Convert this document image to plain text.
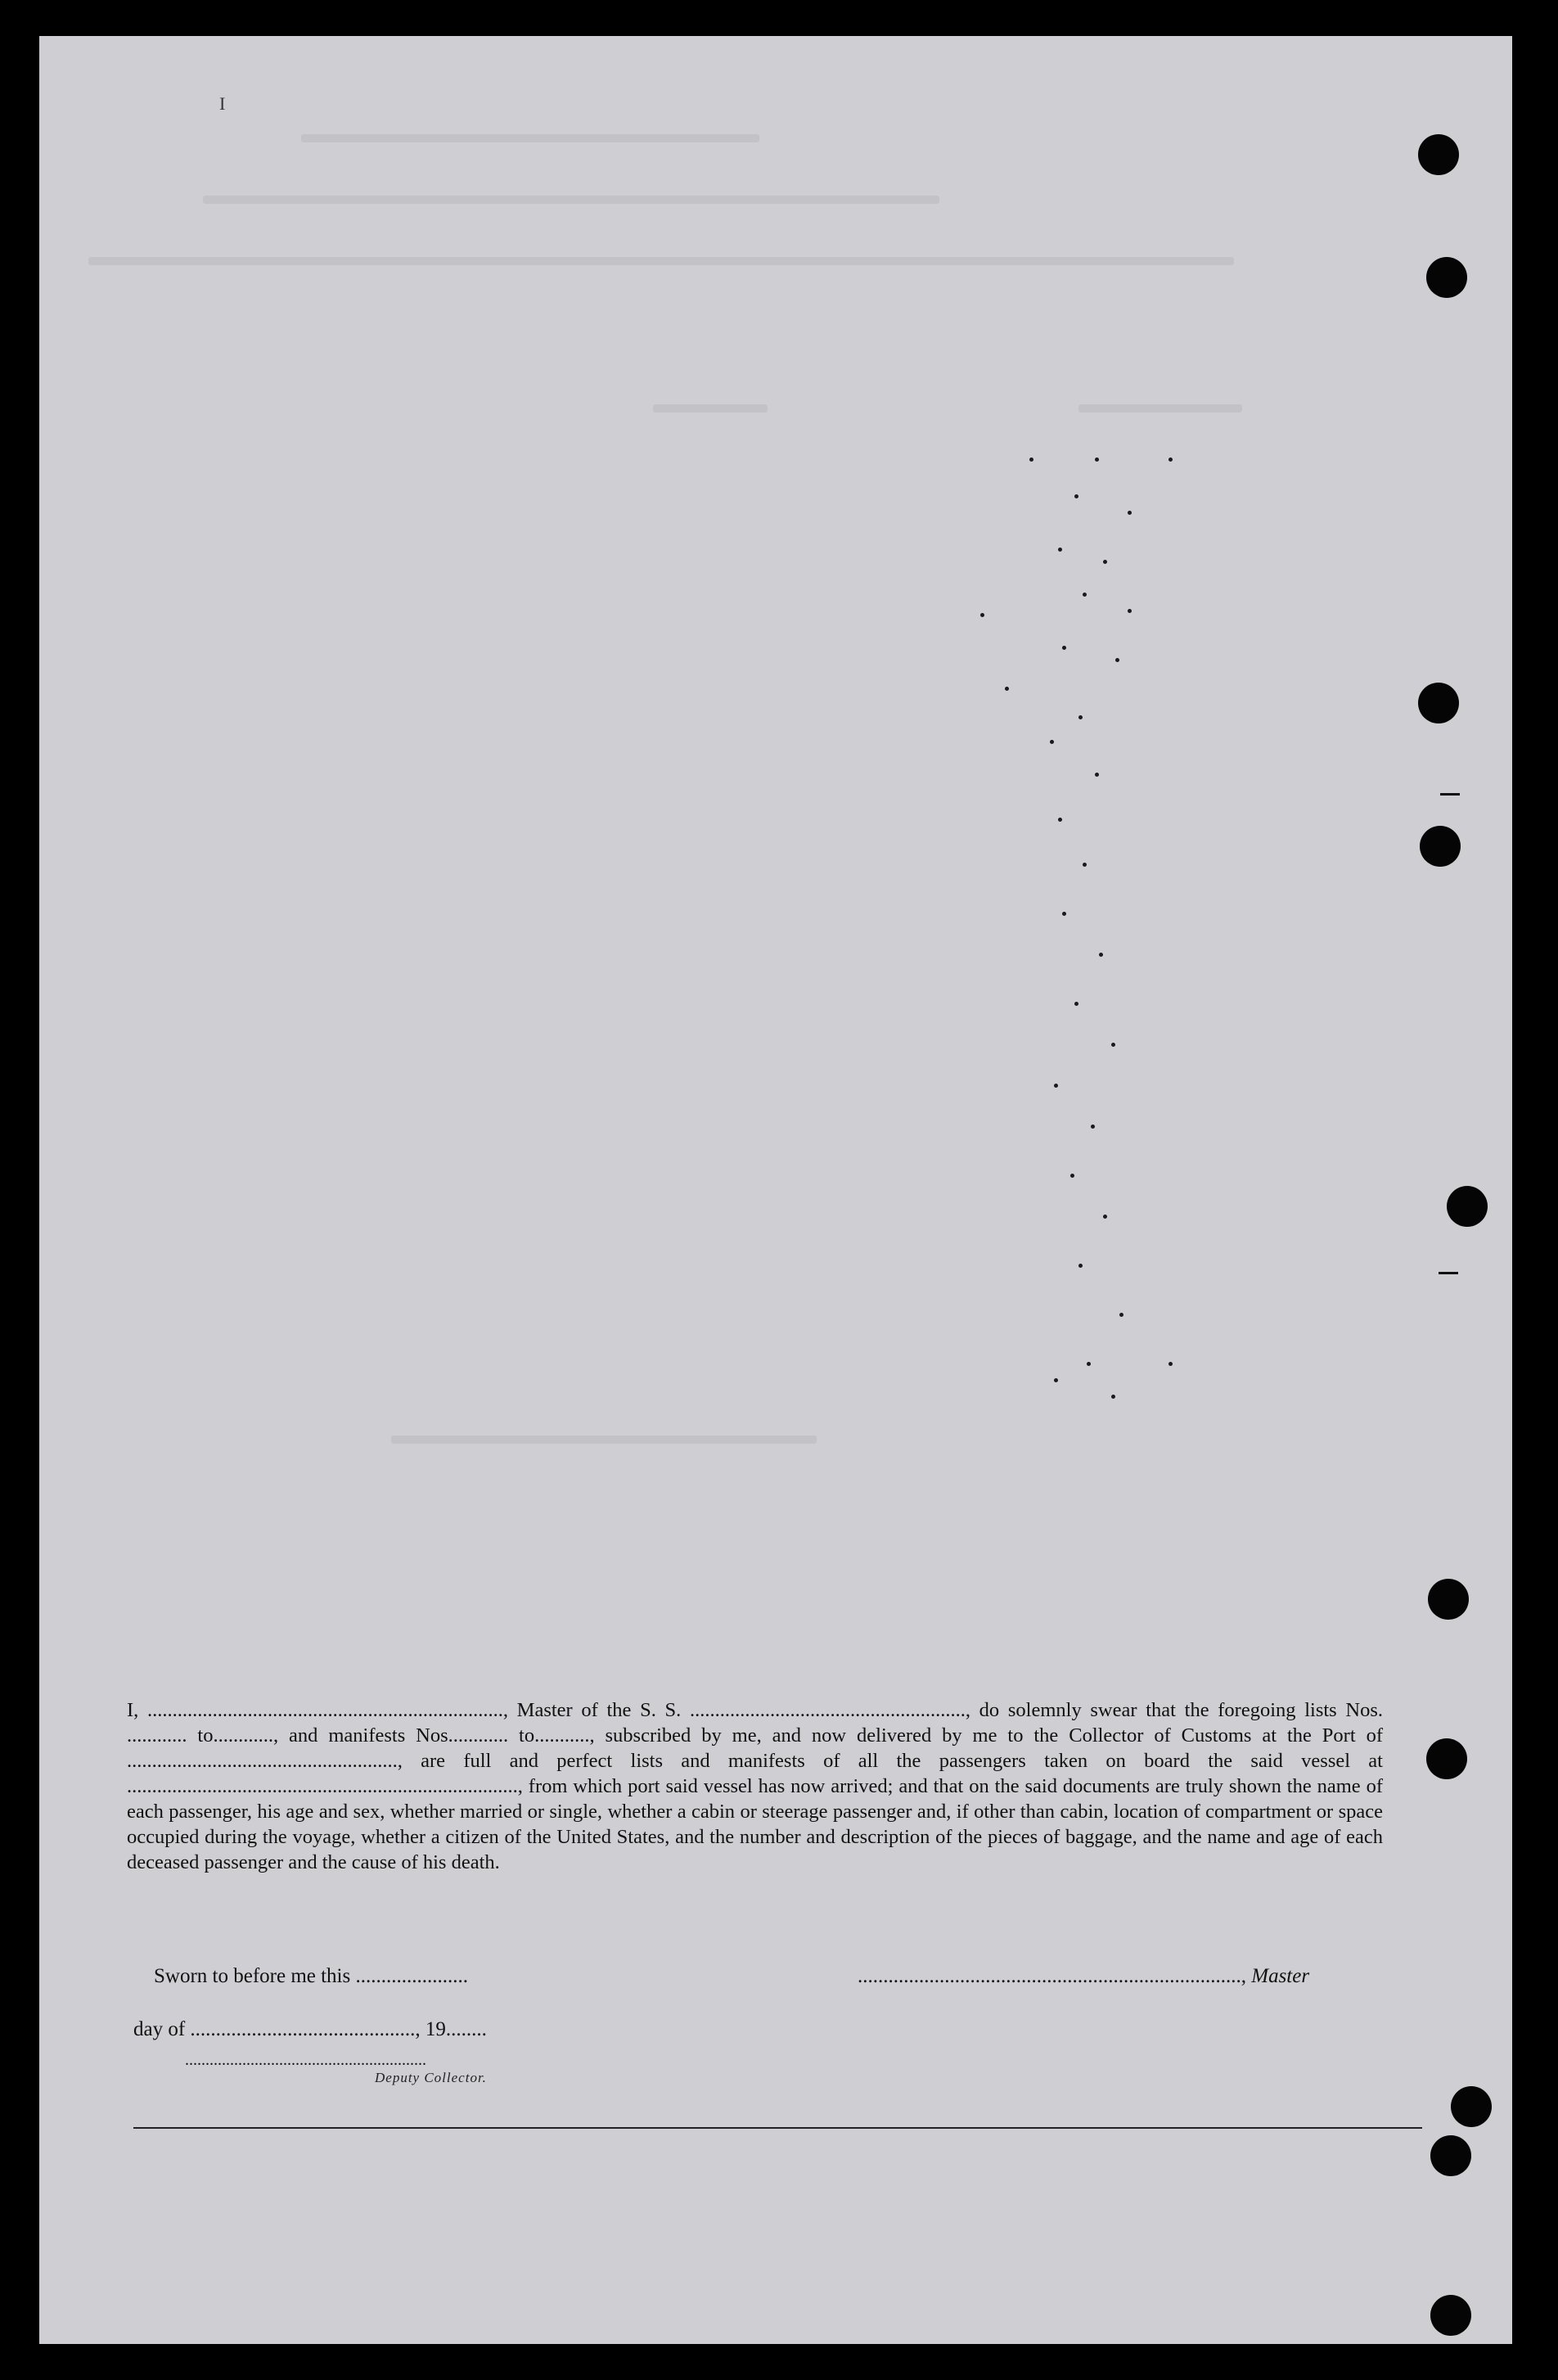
I

I, ......................................................................., Master of the S. S. ......................................................., do solemnly swear that the foregoing lists Nos. ............ to............, and manifests Nos............ to..........., subscribed by me, and now delivered by me to the Collector of Customs at the Port of ......................................................, are full and perfect lists and manifests of all the passengers taken on board the said vessel at .............................................................................., from which port said vessel has now arrived; and that on the said documents are truly shown the name of each passenger, his age and sex, whether married or single, whether a cabin or steerage passenger and, if other than cabin, location of compartment or space occupied during the voyage, whether a citizen of the United States, and the number and description of the pieces of baggage, and the name and age of each deceased passenger and the cause of his death.

Sworn to before me this ......................	..........................................................................., Master
day of ............................................, 19........
...........................................................
Deputy Collector.
